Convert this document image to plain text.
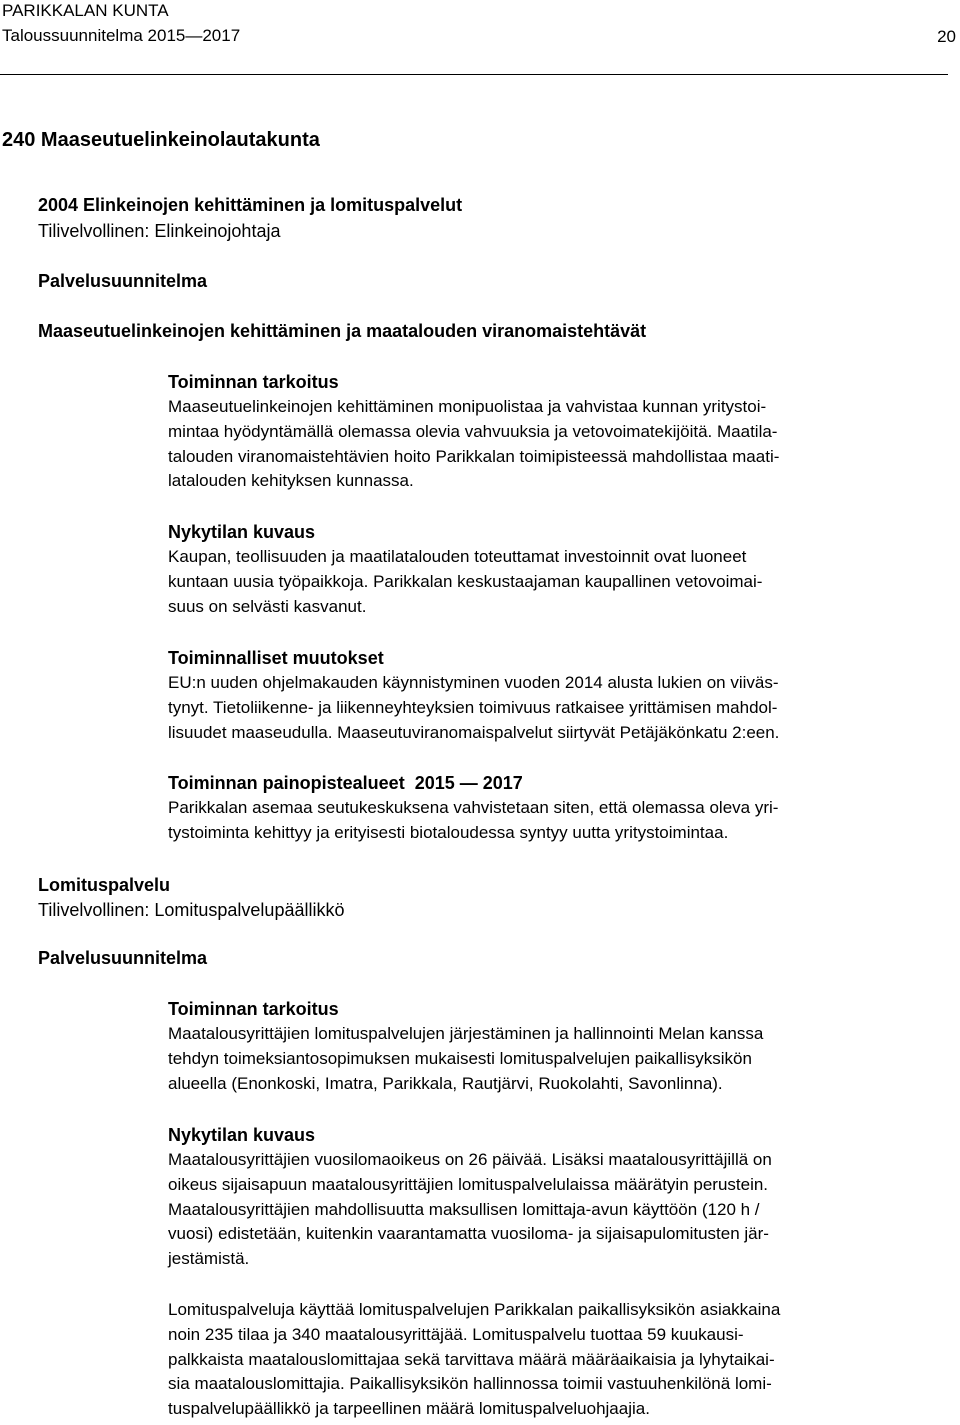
PARIKKALAN KUNTA
Taloussuunnitelma 2015—2017	20
240 Maaseutuelinkeinolautakunta
2004 Elinkeinojen kehittäminen ja lomituspalvelut
Tilivelvollinen: Elinkeinojohtaja
Palvelusuunnitelma
Maaseutuelinkeinojen kehittäminen ja maatalouden viranomaistehtävät
Toiminnan tarkoitus
Maaseutuelinkeinojen kehittäminen monipuolistaa ja vahvistaa kunnan yritystoi-
mintaa hyödyntämällä olemassa olevia vahvuuksia ja vetovoimatekijöitä. Maatila-
talouden viranomaistehtävien hoito Parikkalan toimipisteessä mahdollistaa maati-
latalouden kehityksen kunnassa.
Nykytilan kuvaus
Kaupan, teollisuuden ja maatilatalouden toteuttamat investoinnit ovat luoneet
kuntaan uusia työpaikkoja. Parikkalan keskustaajaman kaupallinen vetovoimai-
suus on selvästi kasvanut.
Toiminnalliset muutokset
EU:n uuden ohjelmakauden käynnistyminen vuoden 2014 alusta lukien on viiväs-
tynyt. Tietoliikenne- ja liikenneyhteyksien toimivuus ratkaisee yrittämisen mahdol-
lisuudet maaseudulla. Maaseutuviranomaispalvelut siirtyvät Petäjäkönkatu 2:een.
Toiminnan painopistealueet  2015 — 2017
Parikkalan asemaa seutukeskuksena vahvistetaan siten, että olemassa oleva yri-
tystoiminta kehittyy ja erityisesti biotaloudessa syntyy uutta yritystoimintaa.
Lomituspalvelu
Tilivelvollinen: Lomituspalvelupäällikkö
Palvelusuunnitelma
Toiminnan tarkoitus
Maatalousyrittäjien lomituspalvelujen järjestäminen ja hallinnointi Melan kanssa
tehdyn toimeksiantosopimuksen mukaisesti lomituspalvelujen paikallisyksikön
alueella (Enonkoski, Imatra, Parikkala, Rautjärvi, Ruokolahti, Savonlinna).
Nykytilan kuvaus
Maatalousyrittäjien vuosilomaoikeus on 26 päivää. Lisäksi maatalousyrittäjillä on
oikeus sijaisapuun maatalousyrittäjien lomituspalvelulaissa määrätyin perustein.
Maatalousyrittäjien mahdollisuutta maksullisen lomittaja-avun käyttöön (120 h /
vuosi) edistetään, kuitenkin vaarantamatta vuosiloma- ja sijaisapulomitusten jär-
jestämistä.
Lomituspalveluja käyttää lomituspalvelujen Parikkalan paikallisyksikön asiakkaina
noin 235 tilaa ja 340 maatalousyrittäjää. Lomituspalvelu tuottaa 59 kuukausi-
palkkaista maatalouslomittajaa sekä tarvittava määrä määräaikaisia ja lyhytaikai-
sia maatalouslomittajia. Paikallisyksikön hallinnossa toimii vastuuhenkilönä lomi-
tuspalvelupäällikkö ja tarpeellinen määrä lomituspalveluohjaajia.
